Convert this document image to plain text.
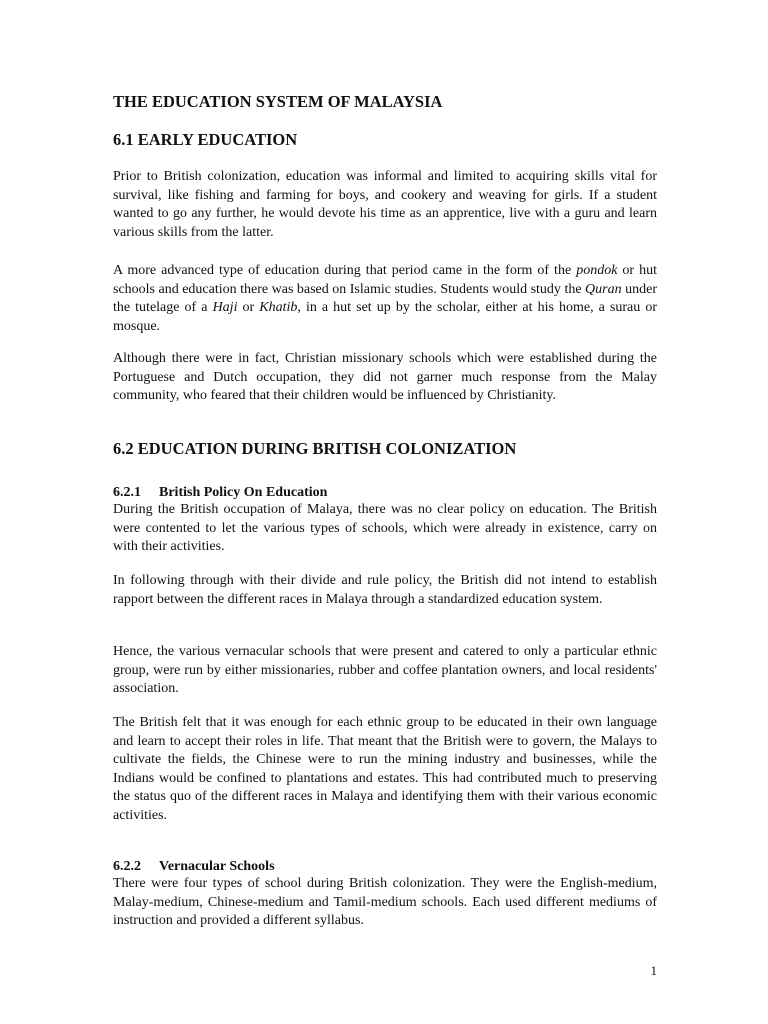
THE EDUCATION SYSTEM OF MALAYSIA
6.1 EARLY EDUCATION

Prior to British colonization, education was informal and limited to acquiring skills vital for survival, like fishing and farming for boys, and cookery and weaving for girls. If a student wanted to go any further, he would devote his time as an apprentice, live with a guru and learn various skills from the latter.

A more advanced type of education during that period came in the form of the pondok or hut schools and education there was based on Islamic studies. Students would study the Quran under the tutelage of a Haji or Khatib, in a hut set up by the scholar, either at his home, a surau or mosque.

Although there were in fact, Christian missionary schools which were established during the Portuguese and Dutch occupation, they did not garner much response from the Malay community, who feared that their children would be influenced by Christianity.

6.2 EDUCATION DURING BRITISH COLONIZATION
6.2.1 British Policy On Education

During the British occupation of Malaya, there was no clear policy on education. The British were contented to let the various types of schools, which were already in existence, carry on with their activities.

In following through with their divide and rule policy, the British did not intend to establish rapport between the different races in Malaya through a standardized education system.

Hence, the various vernacular schools that were present and catered to only a particular ethnic group, were run by either missionaries, rubber and coffee plantation owners, and local residents' association.

The British felt that it was enough for each ethnic group to be educated in their own language and learn to accept their roles in life. That meant that the British were to govern, the Malays to cultivate the fields, the Chinese were to run the mining industry and businesses, while the Indians would be confined to plantations and estates. This had contributed much to preserving the status quo of the different races in Malaya and identifying them with their various economic activities.

6.2.2 Vernacular Schools

There were four types of school during British colonization. They were the English-medium, Malay-medium, Chinese-medium and Tamil-medium schools. Each used different mediums of instruction and provided a different syllabus.

1
